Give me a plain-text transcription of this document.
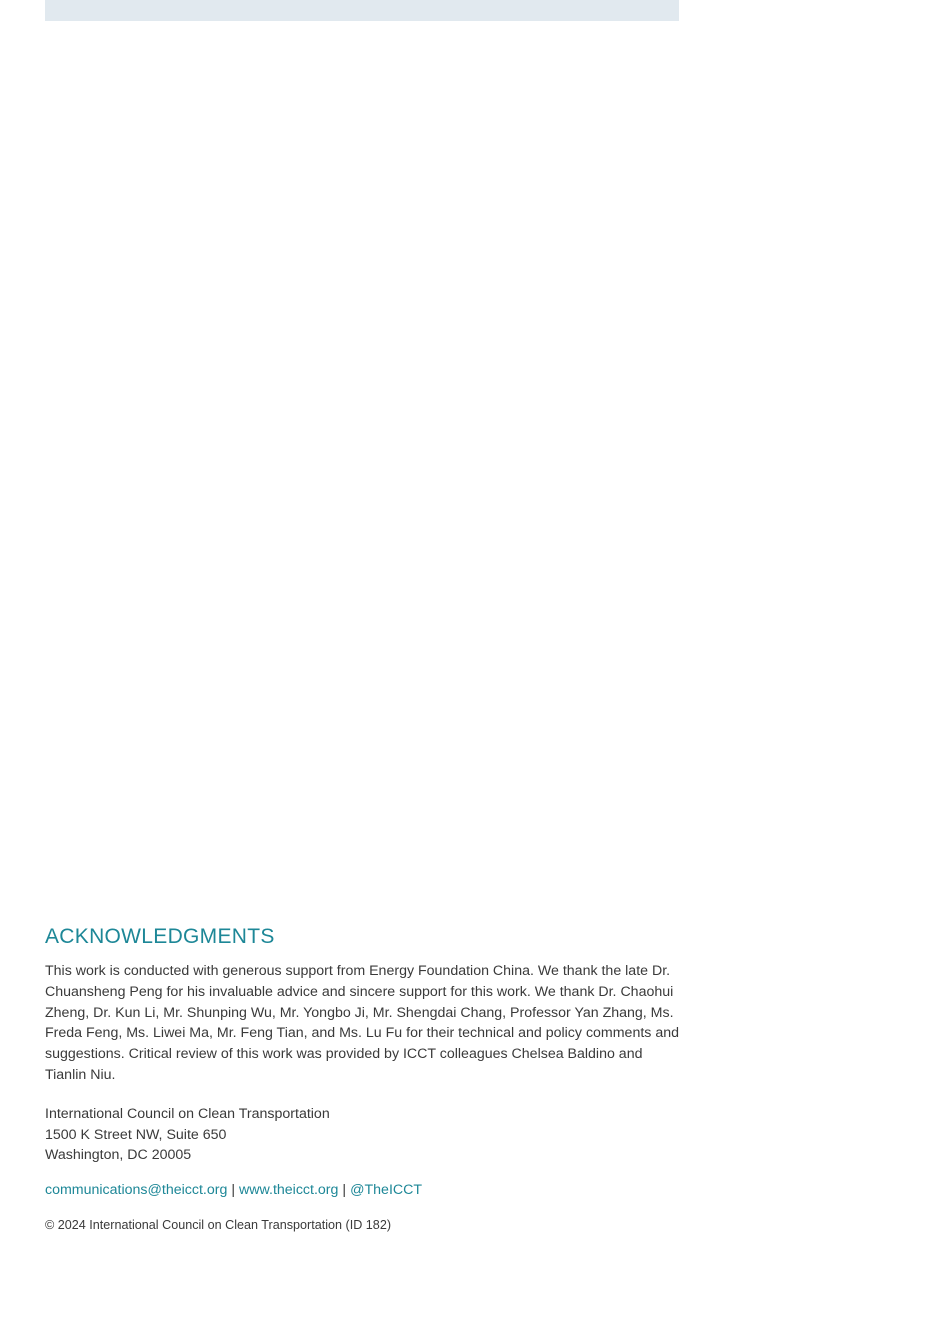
ACKNOWLEDGMENTS

This work is conducted with generous support from Energy Foundation China. We thank the late Dr. Chuansheng Peng for his invaluable advice and sincere support for this work. We thank Dr. Chaohui Zheng, Dr. Kun Li, Mr. Shunping Wu, Mr. Yongbo Ji, Mr. Shengdai Chang, Professor Yan Zhang, Ms. Freda Feng, Ms. Liwei Ma, Mr. Feng Tian, and Ms. Lu Fu for their technical and policy comments and suggestions. Critical review of this work was provided by ICCT colleagues Chelsea Baldino and Tianlin Niu.

International Council on Clean Transportation
1500 K Street NW, Suite 650
Washington, DC 20005
communications@theicct.org | www.theicct.org | @TheICCT

© 2024 International Council on Clean Transportation (ID 182)
